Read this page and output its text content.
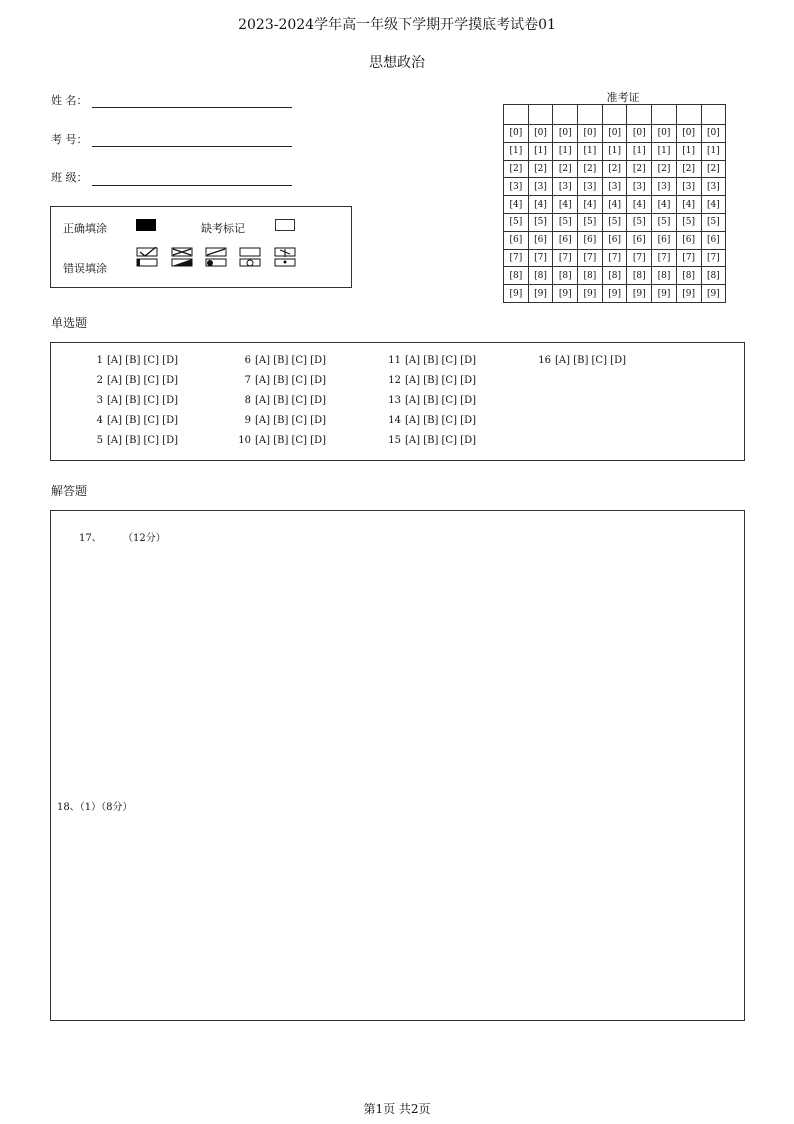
2023-2024学年高一年级下学期开学摸底考试卷01
思想政治
姓 名：
考 号：
班 级：
正确填涂	缺考标记
错误填涂
准考证

[0]	[0]	[0]	[0]	[0]	[0]	[0]	[0]	[0]
[1]	[1]	[1]	[1]	[1]	[1]	[1]	[1]	[1]
[2]	[2]	[2]	[2]	[2]	[2]	[2]	[2]	[2]
[3]	[3]	[3]	[3]	[3]	[3]	[3]	[3]	[3]
[4]	[4]	[4]	[4]	[4]	[4]	[4]	[4]	[4]
[5]	[5]	[5]	[5]	[5]	[5]	[5]	[5]	[5]
[6]	[6]	[6]	[6]	[6]	[6]	[6]	[6]	[6]
[7]	[7]	[7]	[7]	[7]	[7]	[7]	[7]	[7]
[8]	[8]	[8]	[8]	[8]	[8]	[8]	[8]	[8]
[9]	[9]	[9]	[9]	[9]	[9]	[9]	[9]	[9]
单选题
1 [A] [B] [C] [D]
2 [A] [B] [C] [D]
3 [A] [B] [C] [D]
4 [A] [B] [C] [D]
5 [A] [B] [C] [D]
6 [A] [B] [C] [D]
7 [A] [B] [C] [D]
8 [A] [B] [C] [D]
9 [A] [B] [C] [D]
10 [A] [B] [C] [D]
11 [A] [B] [C] [D]
12 [A] [B] [C] [D]
13 [A] [B] [C] [D]
14 [A] [B] [C] [D]
15 [A] [B] [C] [D]
16 [A] [B] [C] [D]
解答题
17、 （12分）
18、（1）（8分）
第1页 共2页
